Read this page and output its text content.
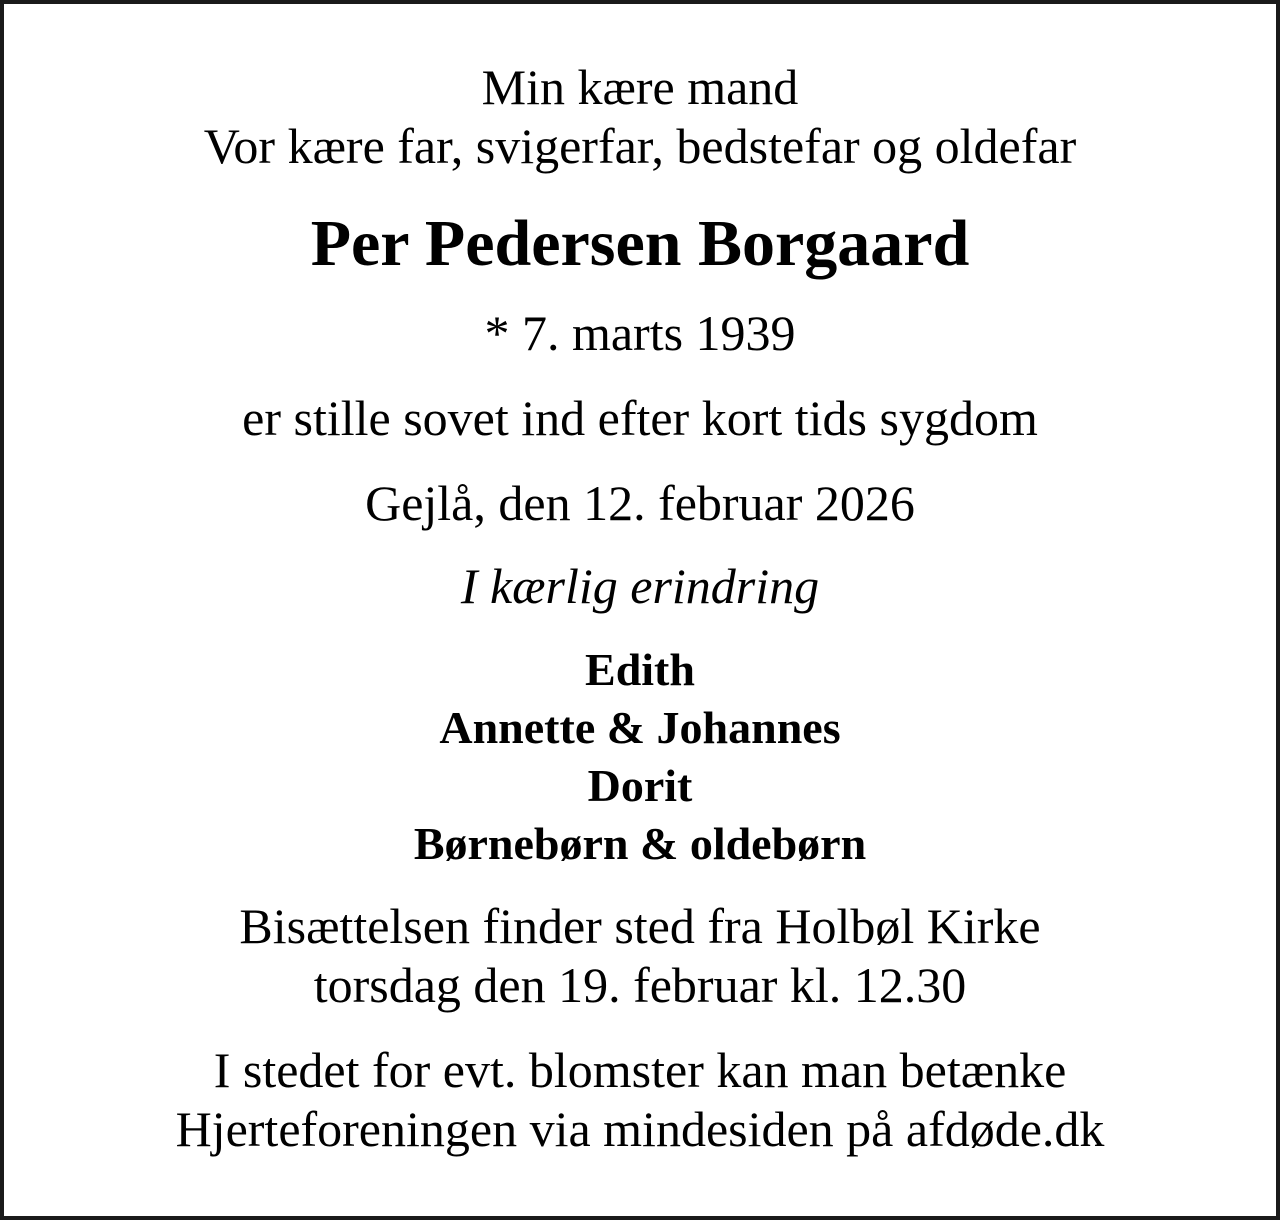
Min kære mand
Vor kære far, svigerfar, bedstefar og oldefar
Per Pedersen Borgaard
* 7. marts 1939
er stille sovet ind efter kort tids sygdom
Gejlå, den 12. februar 2026
I kærlig erindring
Edith
Annette & Johannes
Dorit
Børnebørn & oldebørn
Bisættelsen finder sted fra Holbøl Kirke
torsdag den 19. februar kl. 12.30
I stedet for evt. blomster kan man betænke
Hjerteforeningen via mindesiden på afdøde.dk
